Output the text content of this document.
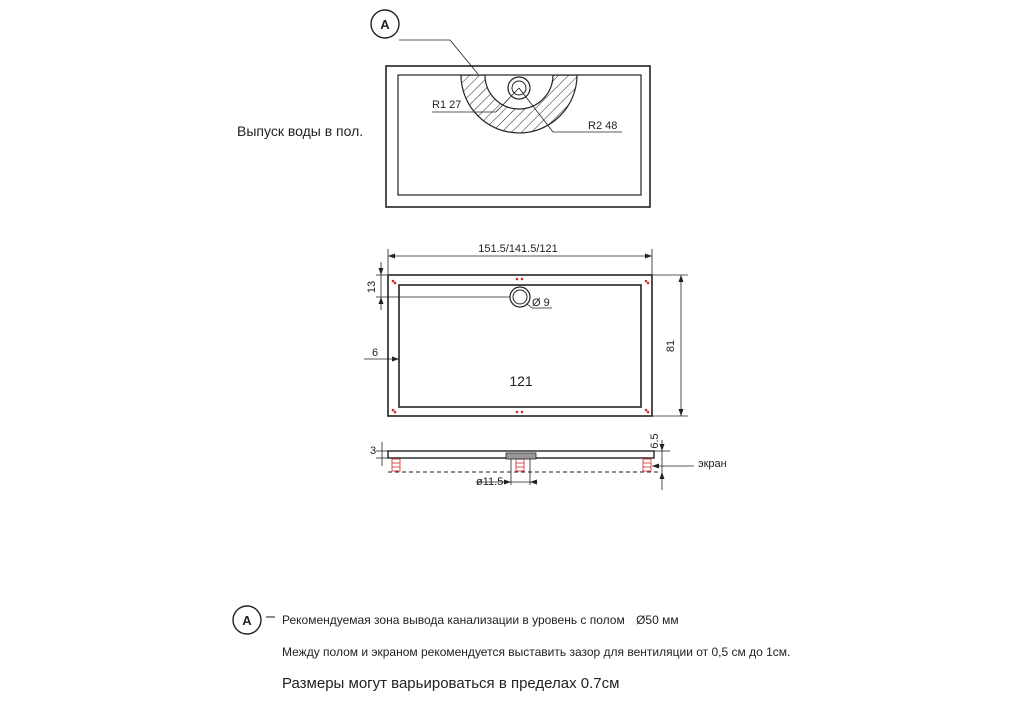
A
R1 27
R2 48
151.5/141.5/121
Ø 9
13
6
121
81
ø11.5
3
6.5
экран
A
Выпуск воды в пол.
– Рекомендуемая зона вывода канализации в уровень с полом Ø50 мм
Между полом и экраном рекомендуется выставить зазор для вентиляции от 0,5 см до 1см.
Размеры могут варьироваться в пределах 0.7см
